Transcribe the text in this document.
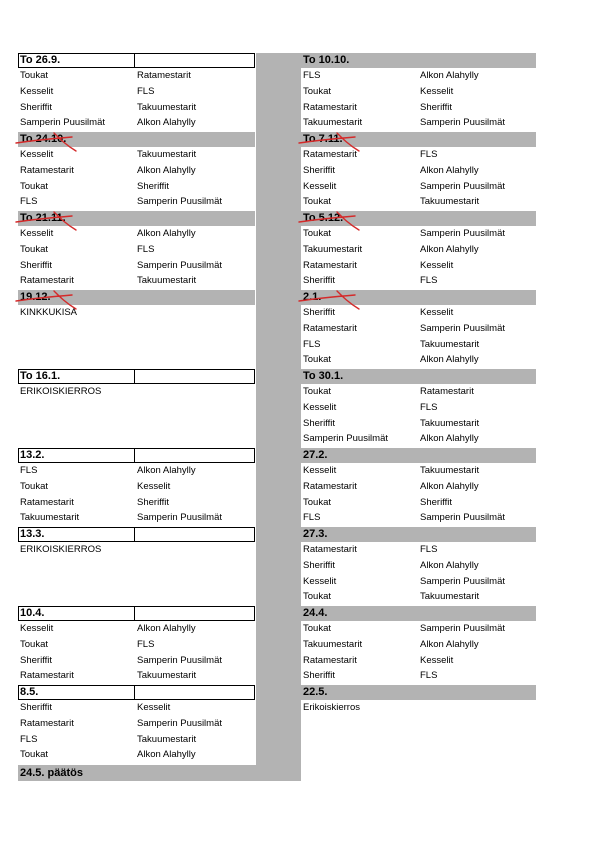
To 26.9.
Toukat	Ratamestarit
Kesselit	FLS
Sheriffit	Takuumestarit
Samperin Puusilmät	Alkon Alahylly
To 10.10.
FLS	Alkon Alahylly
Toukat	Kesselit
Ratamestarit	Sheriffit
Takuumestarit	Samperin Puusilmät
To 24.10.
Kesselit	Takuumestarit
Ratamestarit	Alkon Alahylly
Toukat	Sheriffit
FLS	Samperin Puusilmät
To 7.11.
Ratamestarit	FLS
Sheriffit	Alkon Alahylly
Kesselit	Samperin Puusilmät
Toukat	Takuumestarit
To 21.11.
Kesselit	Alkon Alahylly
Toukat	FLS
Sheriffit	Samperin Puusilmät
Ratamestarit	Takuumestarit
To 5.12.
Toukat	Samperin Puusilmät
Takuumestarit	Alkon Alahylly
Ratamestarit	Kesselit
Sheriffit	FLS
19.12.
KINKKUKISA
2.1.
Sheriffit	Kesselit
Ratamestarit	Samperin Puusilmät
FLS	Takuumestarit
Toukat	Alkon Alahylly
To 16.1.
ERIKOISKIERROS
To 30.1.
Toukat	Ratamestarit
Kesselit	FLS
Sheriffit	Takuumestarit
Samperin Puusilmät	Alkon Alahylly
13.2.
FLS	Alkon Alahylly
Toukat	Kesselit
Ratamestarit	Sheriffit
Takuumestarit	Samperin Puusilmät
27.2.
Kesselit	Takuumestarit
Ratamestarit	Alkon Alahylly
Toukat	Sheriffit
FLS	Samperin Puusilmät
13.3.
ERIKOISKIERROS
27.3.
Ratamestarit	FLS
Sheriffit	Alkon Alahylly
Kesselit	Samperin Puusilmät
Toukat	Takuumestarit
10.4.
Kesselit	Alkon Alahylly
Toukat	FLS
Sheriffit	Samperin Puusilmät
Ratamestarit	Takuumestarit
24.4.
Toukat	Samperin Puusilmät
Takuumestarit	Alkon Alahylly
Ratamestarit	Kesselit
Sheriffit	FLS
8.5.
Sheriffit	Kesselit
Ratamestarit	Samperin Puusilmät
FLS	Takuumestarit
Toukat	Alkon Alahylly
22.5.
Erikoiskierros
24.5. päätös
